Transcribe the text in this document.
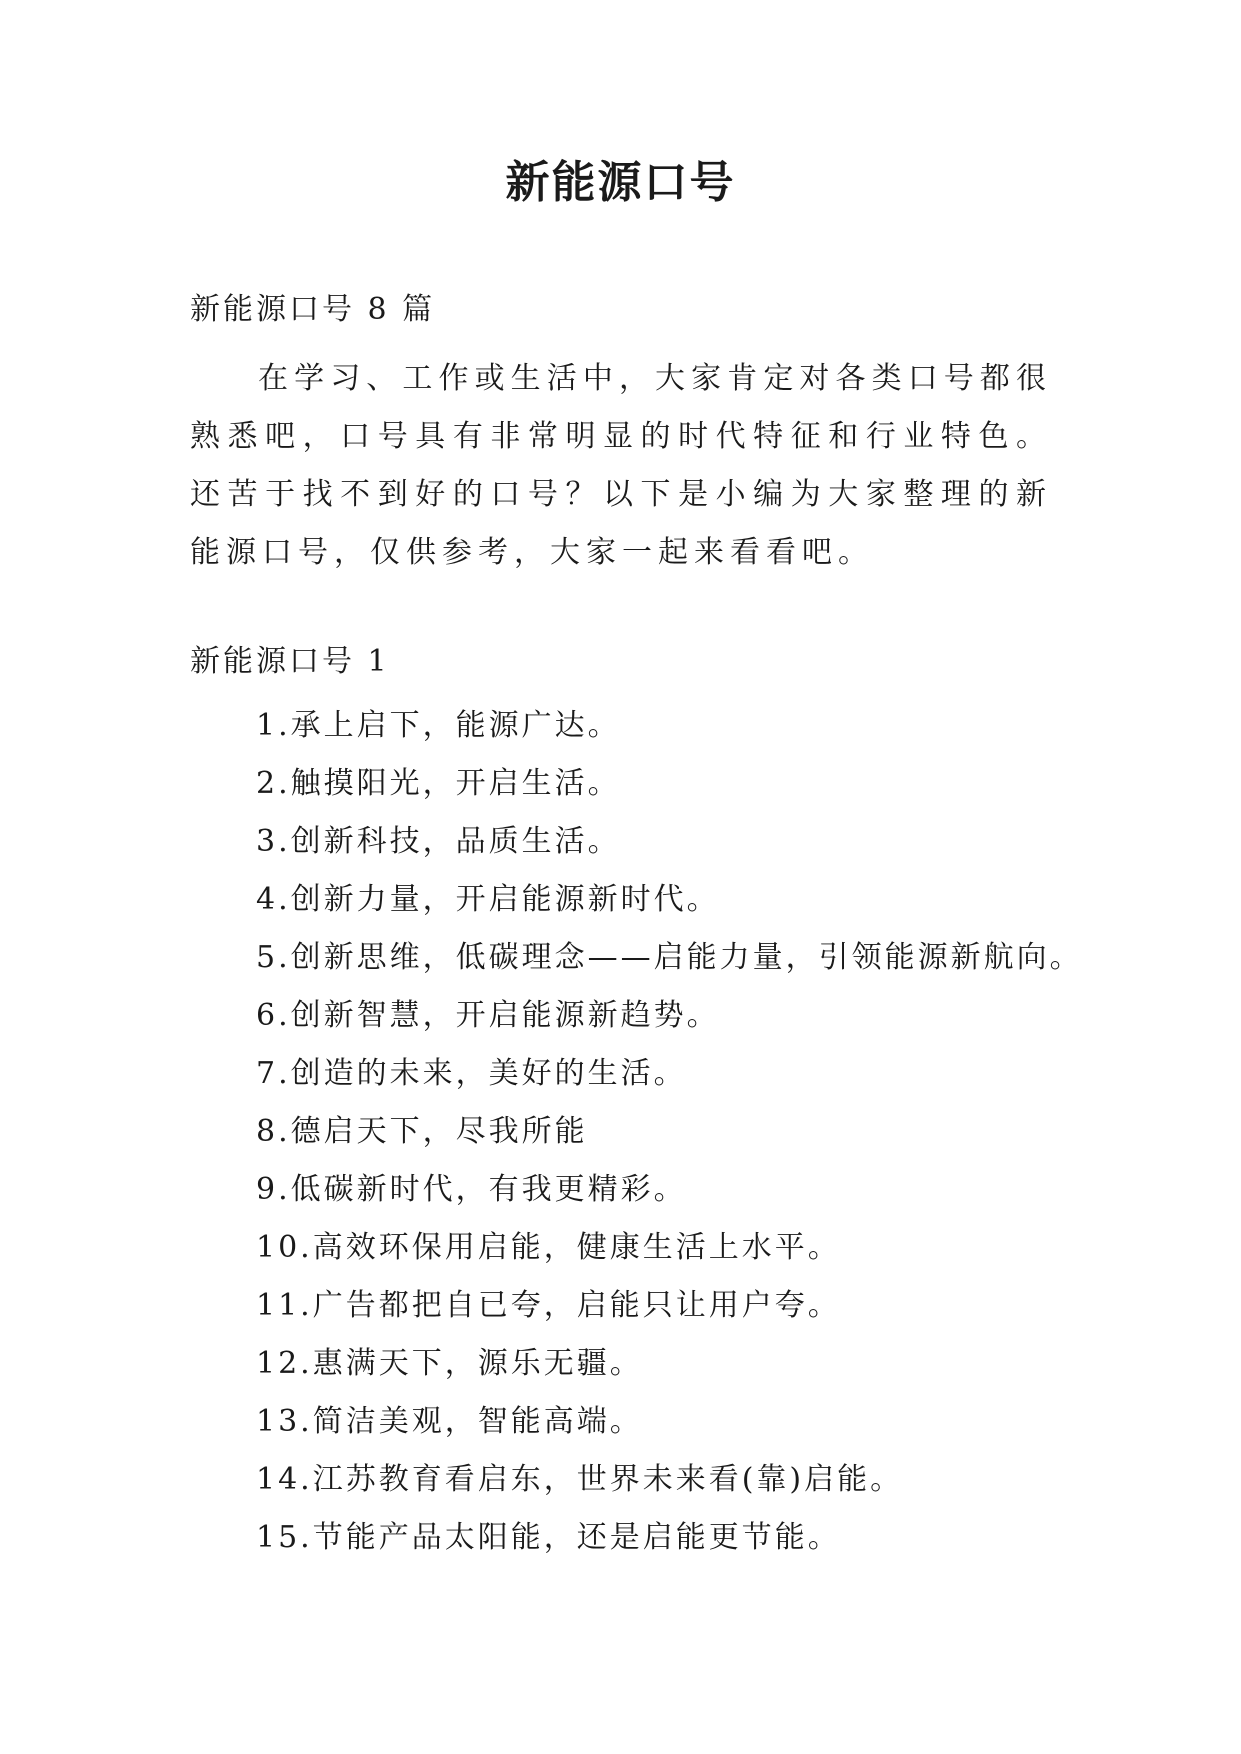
新能源口号
新能源口号 8 篇

在学习、工作或生活中，大家肯定对各类口号都很熟悉吧，口号具有非常明显的时代特征和行业特色。还苦于找不到好的口号？以下是小编为大家整理的新能源口号，仅供参考，大家一起来看看吧。

新能源口号 1
1.承上启下，能源广达。
2.触摸阳光，开启生活。
3.创新科技，品质生活。
4.创新力量，开启能源新时代。
5.创新思维，低碳理念——启能力量，引领能源新航向。
6.创新智慧，开启能源新趋势。
7.创造的未来，美好的生活。
8.德启天下，尽我所能
9.低碳新时代，有我更精彩。
10.高效环保用启能，健康生活上水平。
11.广告都把自已夸，启能只让用户夸。
12.惠满天下，源乐无疆。
13.简洁美观，智能高端。
14.江苏教育看启东，世界未来看(靠)启能。
15.节能产品太阳能，还是启能更节能。
